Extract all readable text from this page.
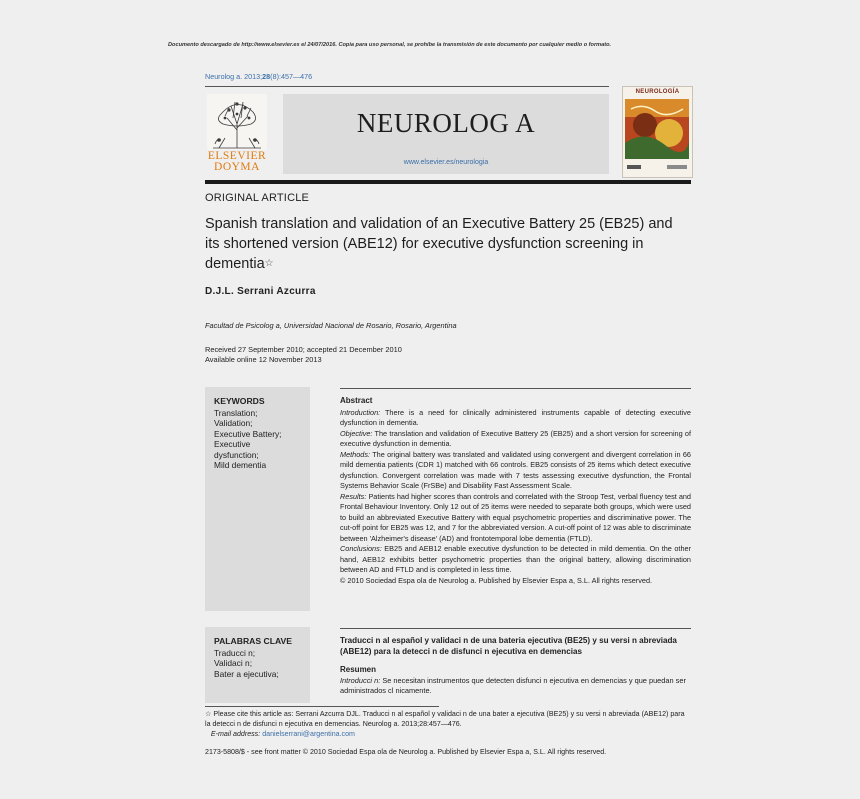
Documento descargado de http://www.elsevier.es el 24/07/2016. Copia para uso personal, se prohíbe la transmisión de este documento por cualquier medio o formato.
Neurolog a. 2013;28(8):457—476
ELSEVIER
DOYMA
NEUROLOG A
www.elsevier.es/neurologia
NEUROLOGÍA
ORIGINAL ARTICLE
Spanish translation and validation of an Executive Battery 25 (EB25) and its shortened version (ABE12) for executive dysfunction screening in dementia☆
D.J.L. Serrani Azcurra
Facultad de Psicolog a, Universidad Nacional de Rosario, Rosario, Argentina
Received 27 September 2010; accepted 21 December 2010
Available online 12 November 2013
KEYWORDS
Translation;
Validation;
Executive Battery;
Executive
dysfunction;
Mild dementia
Abstract
Introduction: There is a need for clinically administered instruments capable of detecting executive dysfunction in dementia.
Objective: The translation and validation of Executive Battery 25 (EB25) and a short version for screening of executive dysfunction in dementia.
Methods: The original battery was translated and validated using convergent and divergent correlation in 66 mild dementia patients (CDR 1) matched with 66 controls. EB25 consists of 25 items which detect executive dysfunction. Convergent correlation was made with 7 tests assessing executive dysfunction, the Frontal Systems Behavior Scale (FrSBe) and Disability Fast Assessment Scale.
Results: Patients had higher scores than controls and correlated with the Stroop Test, verbal fluency test and Frontal Behaviour Inventory. Only 12 out of 25 items were needed to separate both groups, which were used to build an abbreviated Executive Battery with equal psychometric properties and discriminative power. The cut-off point for EB25 was 12, and 7 for the abbreviated version. A cut-off point of 12 was able to discriminate between 'Alzheimer's disease' (AD) and frontotemporal lobe dementia (FTLD).
Conclusions: EB25 and AEB12 enable executive dysfunction to be detected in mild dementia. On the other hand, AEB12 exhibits better psychometric properties than the original battery, allowing discrimination between AD and FTLD and is completed in less time.
© 2010 Sociedad Espa ola de Neurolog a. Published by Elsevier Espa a, S.L. All rights reserved.
PALABRAS CLAVE
Traducci n;
Validaci n;
Bater a ejecutiva;
Traducci n al español y validaci n de una bateria ejecutiva (BE25) y su versi n abreviada (ABE12) para la detecci n de disfunci n ejecutiva en demencias
Resumen
Introducci n: Se necesitan instrumentos que detecten disfunci n ejecutiva en demencias y que puedan ser administrados cl nicamente.
☆ Please cite this article as: Serrani Azcurra DJL. Traducci n al español y validaci n de una bater a ejecutiva (BE25) y su versi n abreviada (ABE12) para la detecci n de disfunci n ejecutiva en demencias. Neurolog a. 2013;28:457—476.
E-mail address: danielserrani@argentina.com
2173-5808/$ - see front matter © 2010 Sociedad Espa ola de Neurolog a. Published by Elsevier Espa a, S.L. All rights reserved.
